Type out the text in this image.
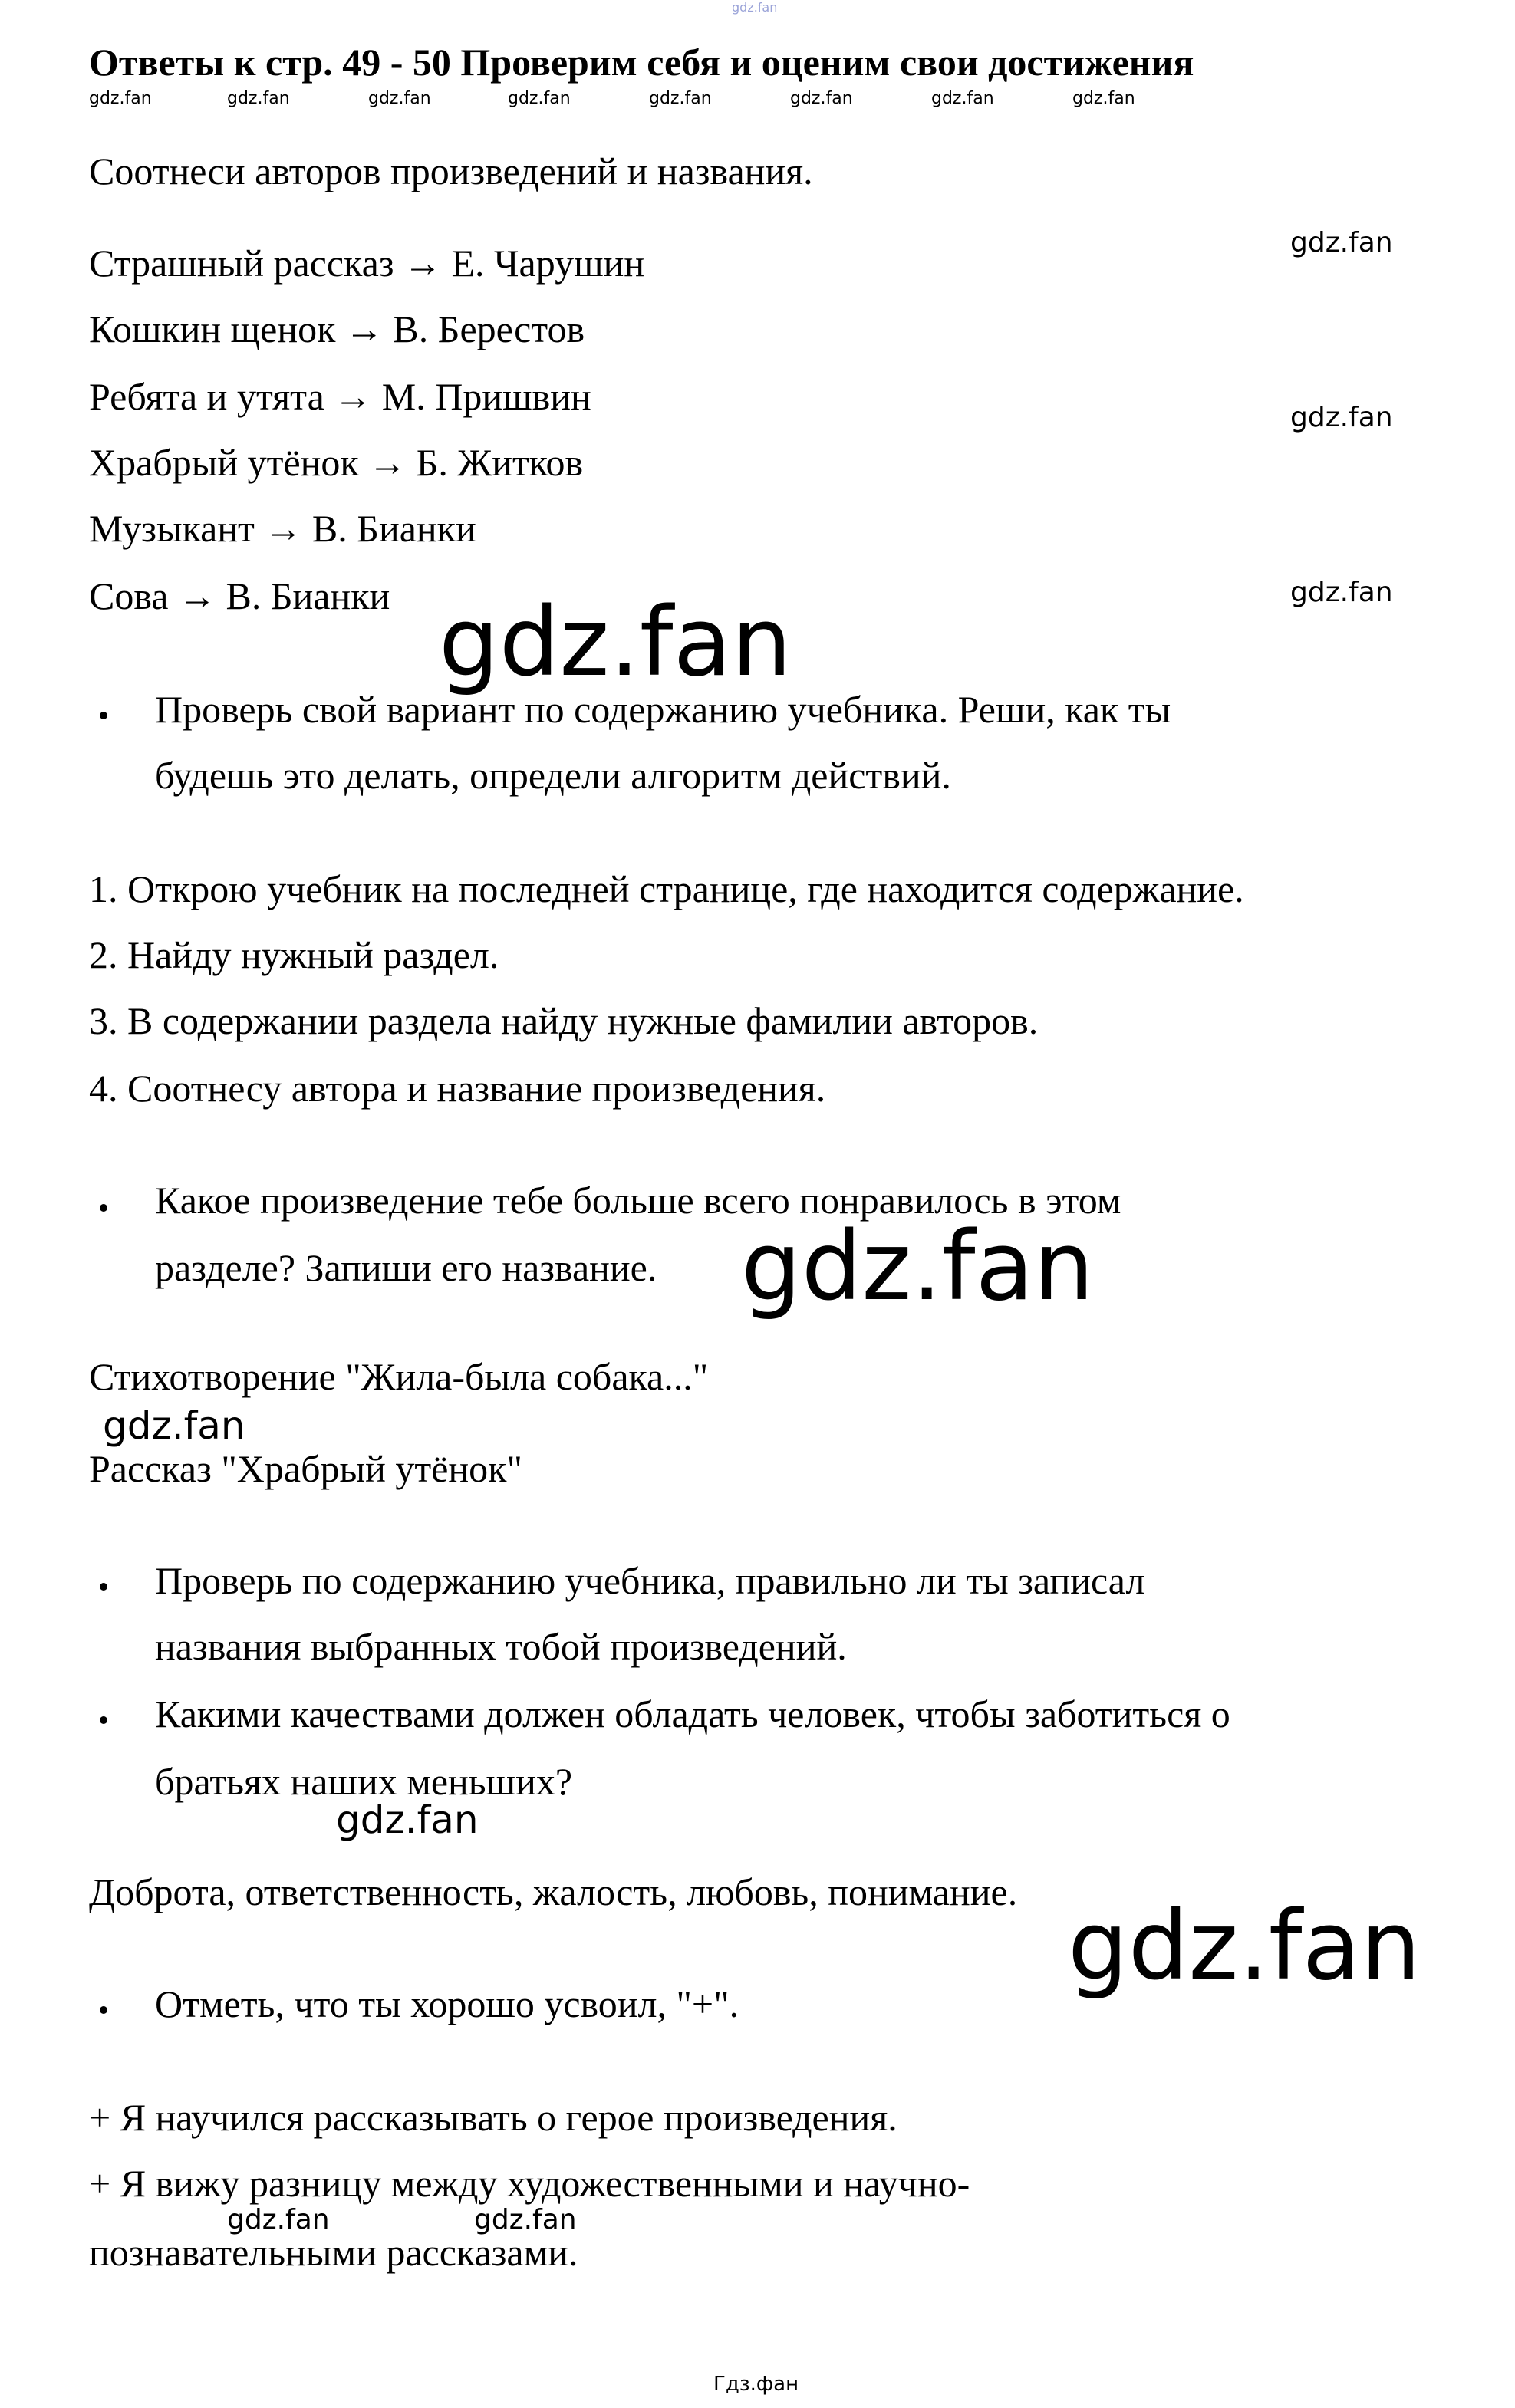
gdz.fan
Ответы к стр. 49 - 50 Проверим себя и оценим свои достижения
gdz.fan	gdz.fan	gdz.fan	gdz.fan	gdz.fan	gdz.fan	gdz.fan	gdz.fan
Соотнеси авторов произведений и названия.
Страшный рассказ → Е. Чарушин
Кошкин щенок → В. Берестов
Ребята и утята → М. Пришвин
Храбрый утёнок → Б. Житков
Музыкант → В. Бианки
Сова → В. Бианки
gdz.fan
gdz.fan
gdz.fan
gdz.fan
Проверь свой вариант по содержанию учебника. Реши, как ты
будешь это делать, определи алгоритм действий.
1. Открою учебник на последней странице, где находится содержание.
2. Найду нужный раздел.
3. В содержании раздела найду нужные фамилии авторов.
4. Соотнесу автора и название произведения.
Какое произведение тебе больше всего понравилось в этом
разделе? Запиши его название. gdz.fan
Стихотворение "Жила-была собака..."
gdz.fan
Рассказ "Храбрый утёнок"
Проверь по содержанию учебника, правильно ли ты записал
названия выбранных тобой произведений.
Какими качествами должен обладать человек, чтобы заботиться о
братьях наших меньших?
gdz.fan
Доброта, ответственность, жалость, любовь, понимание. gdz.fan
Отметь, что ты хорошо усвоил, "+".
+ Я научился рассказывать о герое произведения.
+ Я вижу разницу между художественными и научно-
gdz.fan	gdz.fan
познавательными рассказами.
Гдз.фан
